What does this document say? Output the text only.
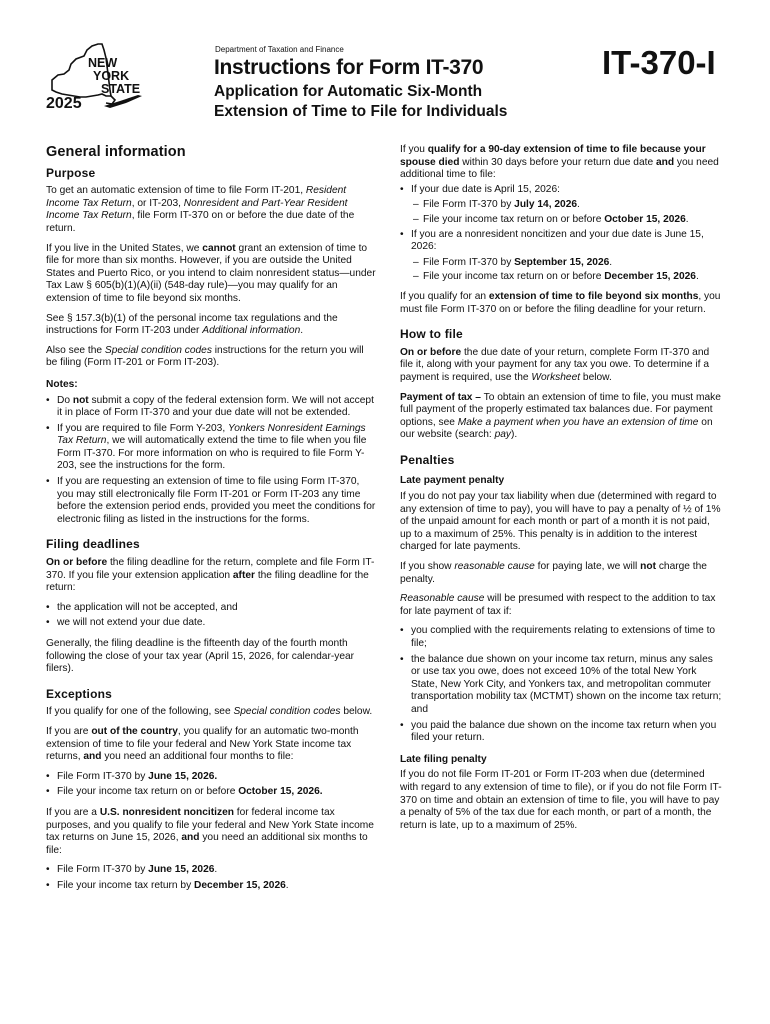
NEW
YORK
STATE
2025
Department of Taxation and Finance
Instructions for Form IT-370
Application for Automatic Six-Month
Extension of Time to File for Individuals
IT-370-I
General information
Purpose

To get an automatic extension of time to file Form IT-201, Resident Income Tax Return, or IT-203, Nonresident and Part-Year Resident Income Tax Return, file Form IT-370 on or before the due date of the return.

If you live in the United States, we cannot grant an extension of time to file for more than six months. However, if you are outside the United States and Puerto Rico, or you intend to claim nonresident status—under Tax Law § 605(b)(1)(A)(ii) (548-day rule)—you may qualify for an extension of time to file beyond six months.

See § 157.3(b)(1) of the personal income tax regulations and the instructions for Form IT-203 under Additional information.

Also see the Special condition codes instructions for the return you will be filing (Form IT-201 or Form IT-203).

Notes:
• Do not submit a copy of the federal extension form. We will not accept it in place of Form IT-370 and your due date will not be extended.
• If you are required to file Form Y-203, Yonkers Nonresident Earnings Tax Return, we will automatically extend the time to file when you file Form IT-370. For more information on who is required to file Form Y-203, see the instructions for the form.
• If you are requesting an extension of time to file using Form IT-370, you may still electronically file Form IT-201 or Form IT-203 any time before the extension period ends, provided you meet the conditions for electronic filing as listed in the instructions for the forms.
Filing deadlines

On or before the filing deadline for the return, complete and file Form IT-370. If you file your extension application after the filing deadline for the return:

• the application will not be accepted, and
• we will not extend your due date.

Generally, the filing deadline is the fifteenth day of the fourth month following the close of your tax year (April 15, 2026, for calendar-year filers).

Exceptions

If you qualify for one of the following, see Special condition codes below.

If you are out of the country, you qualify for an automatic two-month extension of time to file your federal and New York State income tax returns, and you need an additional four months to file:

• File Form IT-370 by June 15, 2026.
• File your income tax return on or before October 15, 2026.

If you are a U.S. nonresident noncitizen for federal income tax purposes, and you qualify to file your federal and New York State income tax returns on June 15, 2026, and you need an additional six months to file:

• File Form IT-370 by June 15, 2026.
• File your income tax return by December 15, 2026.

If you qualify for a 90-day extension of time to file because your spouse died within 30 days before your return due date and you need additional time to file:

• If your due date is April 15, 2026:
– File Form IT-370 by July 14, 2026.
– File your income tax return on or before October 15, 2026.
• If you are a nonresident noncitizen and your due date is June 15, 2026:
– File Form IT-370 by September 15, 2026.
– File your income tax return on or before December 15, 2026.

If you qualify for an extension of time to file beyond six months, you must file Form IT-370 on or before the filing deadline for your return.

How to file

On or before the due date of your return, complete Form IT-370 and file it, along with your payment for any tax you owe. To determine if a payment is required, use the Worksheet below.

Payment of tax – To obtain an extension of time to file, you must make full payment of the properly estimated tax balances due. For payment options, see Make a payment when you have an extension of time on our website (search: pay).

Penalties
Late payment penalty

If you do not pay your tax liability when due (determined with regard to any extension of time to pay), you will have to pay a penalty of ½ of 1% of the unpaid amount for each month or part of a month it is not paid, up to a maximum of 25%. This penalty is in addition to the interest charged for late payments.

If you show reasonable cause for paying late, we will not charge the penalty.

Reasonable cause will be presumed with respect to the addition to tax for late payment of tax if:

• you complied with the requirements relating to extensions of time to file;
• the balance due shown on your income tax return, minus any sales or use tax you owe, does not exceed 10% of the total New York State, New York City, and Yonkers tax, and metropolitan commuter transportation mobility tax (MCTMT) shown on the income tax return; and
• you paid the balance due shown on the income tax return when you filed your return.
Late filing penalty

If you do not file Form IT-201 or Form IT-203 when due (determined with regard to any extension of time to file), or if you do not file Form IT-370 on time and obtain an extension of time to file, you will have to pay a penalty of 5% of the tax due for each month, or part of a month, the return is late, up to a maximum of 25%.
